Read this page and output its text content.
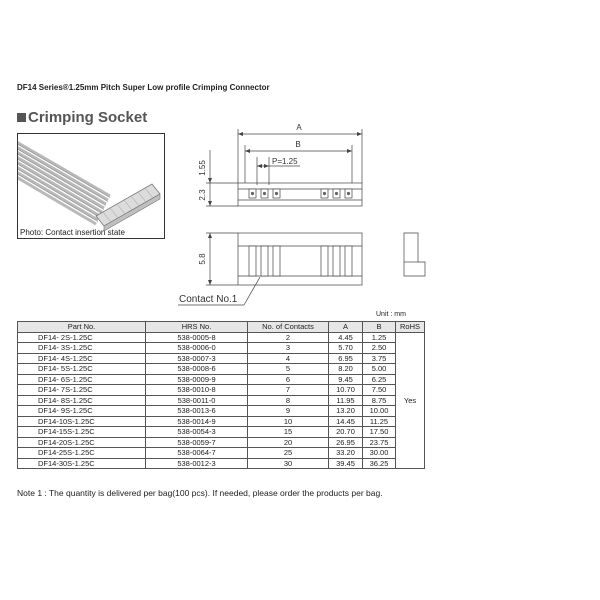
DF14 Series®1.25mm Pitch Super Low profile Crimping Connector
Crimping Socket
Photo: Contact insertion state
A
B
P=1.25
1.55
2.3
5.8
Contact No.1
Unit : mm
Part No.	HRS No.	No. of Contacts	A	B	RoHS
DF14- 2S-1.25C	538-0005-8	2	4.45	1.25	Yes
DF14- 3S-1.25C	538-0006-0	3	5.70	2.50	
DF14- 4S-1.25C	538-0007-3	4	6.95	3.75	
DF14- 5S-1.25C	538-0008-6	5	8.20	5.00	
DF14- 6S-1.25C	538-0009-9	6	9.45	6.25	
DF14- 7S-1.25C	538-0010-8	7	10.70	7.50	
DF14- 8S-1.25C	538-0011-0	8	11.95	8.75	
DF14- 9S-1.25C	538-0013-6	9	13.20	10.00	
DF14-10S-1.25C	538-0014-9	10	14.45	11.25	
DF14-15S-1.25C	538-0054-3	15	20.70	17.50	
DF14-20S-1.25C	538-0059-7	20	26.95	23.75	
DF14-25S-1.25C	538-0064-7	25	33.20	30.00	
DF14-30S-1.25C	538-0012-3	30	39.45	36.25	
Note 1 : The quantity is delivered per bag(100 pcs). If needed, please order the products per bag.
